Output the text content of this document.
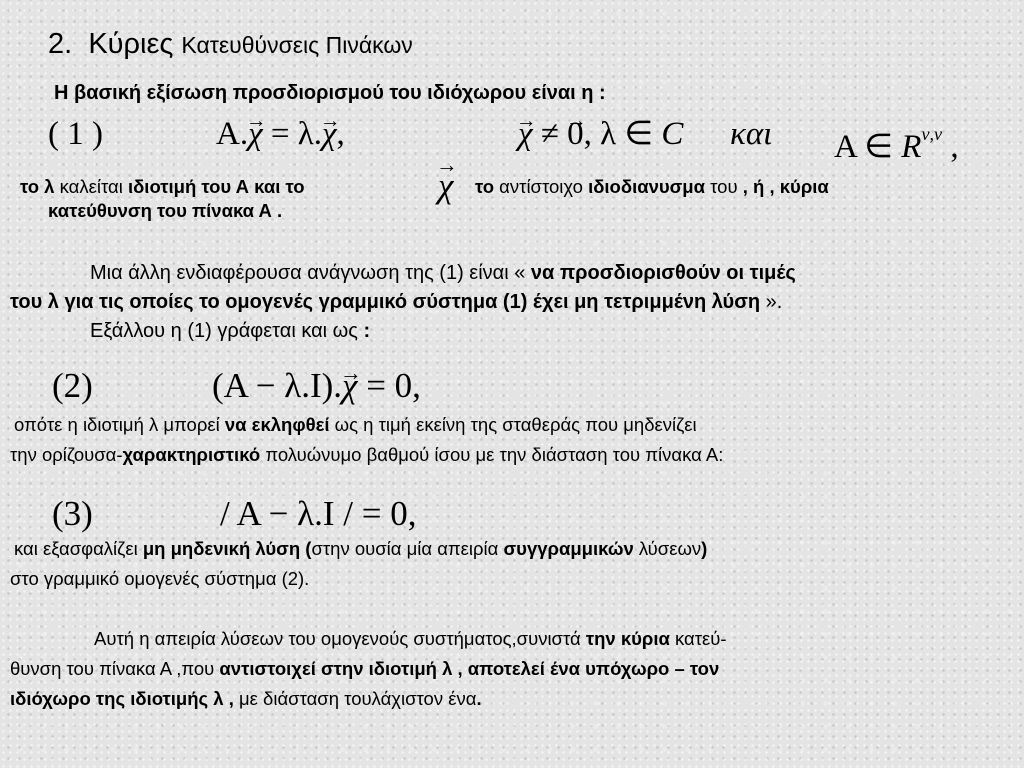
2. Κύριες Κατευθύνσεις Πινάκων
Η βασική εξίσωση προσδιορισμού του ιδιόχωρου είναι η :
( 1 )	A.→ χ = λ.→ χ,	→ χ ≠ → 0, λ ∈ C και A ∈ $R^{\nu,\nu}$ ,
το λ καλείται ιδιοτιμή του Α και το	→ χ το αντίστοιχο ιδιοδιανυσμα του , ή , κύρια
κατεύθυνση του πίνακα Α .
Μια άλλη ενδιαφέρουσα ανάγνωση της (1) είναι « να προσδιορισθούν οι τιμές
του λ για τις οποίες το ομογενές γραμμικό σύστημα (1) έχει μη τετριμμένη λύση ».
Εξάλλου η (1) γράφεται και ως :
(2)	(A − λ.I).→ χ = 0,
οπότε η ιδιοτιμή λ μπορεί να εκληφθεί ως η τιμή εκείνη της σταθεράς που μηδενίζει
την ορίζουσα-χαρακτηριστικό πολυώνυμο βαθμού ίσου με την διάσταση του πίνακα Α:
(3)	/ A − λ.I / = 0,
και εξασφαλίζει μη μηδενική λύση (στην ουσία μία απειρία συγγραμμικών λύσεων)
στο γραμμικό ομογενές σύστημα (2).
Αυτή η απειρία λύσεων του ομογενούς συστήματος,συνιστά την κύρια κατεύ-
θυνση του πίνακα Α ,που αντιστοιχεί στην ιδιοτιμή λ , αποτελεί ένα υπόχωρο – τον
ιδιόχωρο της ιδιοτιμής λ , με διάσταση τουλάχιστον ένα.
